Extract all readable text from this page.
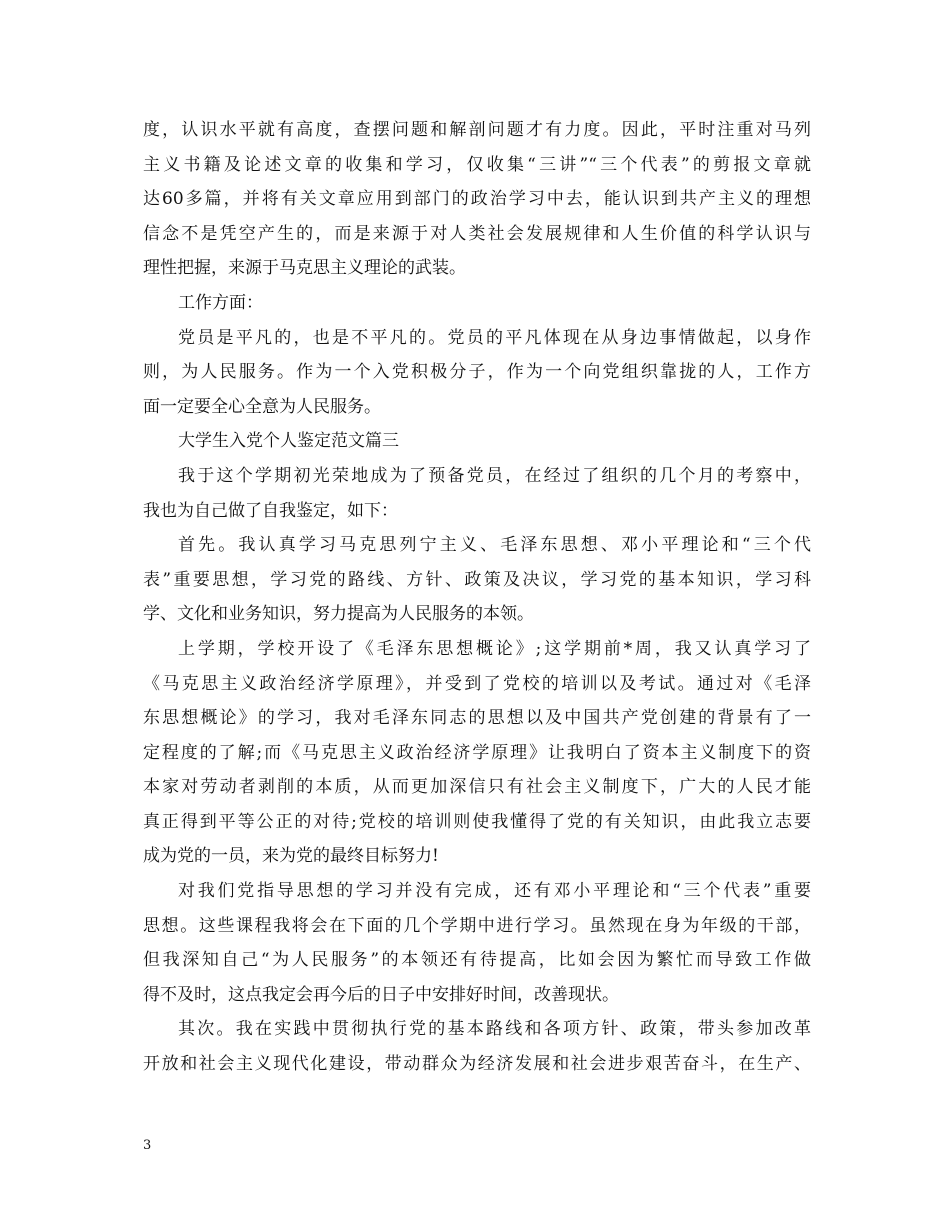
度，认识水平就有高度，查摆问题和解剖问题才有力度。因此，平时注重对马列
主义书籍及论述文章的收集和学习，仅收集“三讲”“三个代表”的剪报文章就
达60多篇，并将有关文章应用到部门的政治学习中去，能认识到共产主义的理想
信念不是凭空产生的，而是来源于对人类社会发展规律和人生价值的科学认识与
理性把握，来源于马克思主义理论的武装。
工作方面：
党员是平凡的，也是不平凡的。党员的平凡体现在从身边事情做起，以身作
则，为人民服务。作为一个入党积极分子，作为一个向党组织靠拢的人，工作方
面一定要全心全意为人民服务。
大学生入党个人鉴定范文篇三
我于这个学期初光荣地成为了预备党员，在经过了组织的几个月的考察中，
我也为自己做了自我鉴定，如下：
首先。我认真学习马克思列宁主义、毛泽东思想、邓小平理论和“三个代
表”重要思想，学习党的路线、方针、政策及决议，学习党的基本知识，学习科
学、文化和业务知识，努力提高为人民服务的本领。
上学期，学校开设了《毛泽东思想概论》;这学期前*周，我又认真学习了
《马克思主义政治经济学原理》，并受到了党校的培训以及考试。通过对《毛泽
东思想概论》的学习，我对毛泽东同志的思想以及中国共产党创建的背景有了一
定程度的了解;而《马克思主义政治经济学原理》让我明白了资本主义制度下的资
本家对劳动者剥削的本质，从而更加深信只有社会主义制度下，广大的人民才能
真正得到平等公正的对待;党校的培训则使我懂得了党的有关知识，由此我立志要
成为党的一员，来为党的最终目标努力!
对我们党指导思想的学习并没有完成，还有邓小平理论和“三个代表”重要
思想。这些课程我将会在下面的几个学期中进行学习。虽然现在身为年级的干部，
但我深知自己“为人民服务”的本领还有待提高，比如会因为繁忙而导致工作做
得不及时，这点我定会再今后的日子中安排好时间，改善现状。
其次。我在实践中贯彻执行党的基本路线和各项方针、政策，带头参加改革
开放和社会主义现代化建设，带动群众为经济发展和社会进步艰苦奋斗，在生产、
3
